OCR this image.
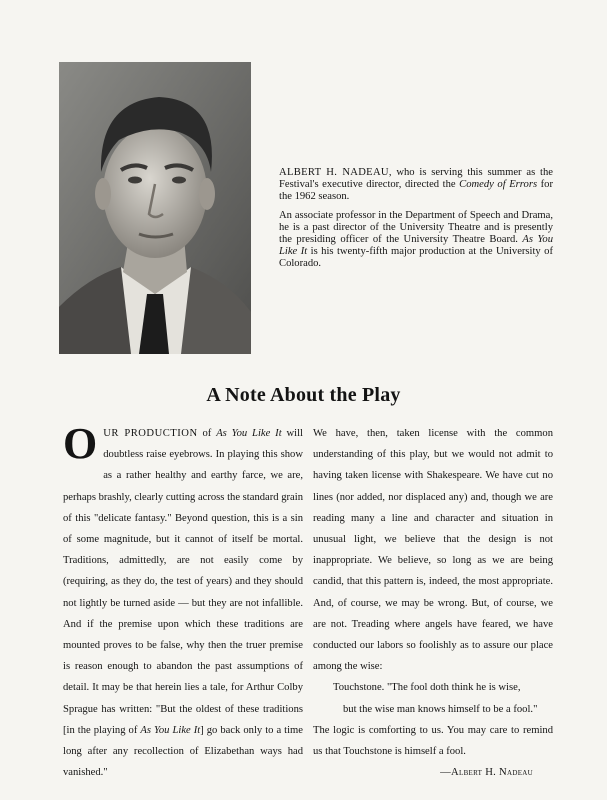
ALBERT H. NADEAU, who is serving this summer as the Festival's executive director, directed the Comedy of Errors for the 1962 season.

An associate professor in the Department of Speech and Drama, he is a past director of the University Theatre and is presently the presiding officer of the University Theatre Board. As You Like It is his twenty-fifth major production at the University of Colorado.

A Note About the Play

OUR PRODUCTION of As You Like It will doubtless raise eyebrows. In playing this show as a rather healthy and earthy farce, we are, perhaps brashly, clearly cutting across the standard grain of this "delicate fantasy." Beyond question, this is a sin of some magnitude, but it cannot of itself be mortal. Traditions, admittedly, are not easily come by (requiring, as they do, the test of years) and they should not lightly be turned aside — but they are not infallible. And if the premise upon which these traditions are mounted proves to be false, why then the truer premise is reason enough to abandon the past assumptions of detail. It may be that herein lies a tale, for Arthur Colby Sprague has written: "But the oldest of these traditions [in the playing of As You Like It] go back only to a time long after any recollection of Elizabethan ways had vanished."

We have, then, taken license with the common understanding of this play, but we would not admit to having taken license with Shakespeare. We have cut no lines (nor added, nor displaced any) and, though we are reading many a line and character and situation in unusual light, we believe that the design is not inappropriate. We believe, so long as we are being candid, that this pattern is, indeed, the most appropriate. And, of course, we may be wrong. But, of course, we are not. Treading where angels have feared, we have conducted our labors so foolishly as to assure our place among the wise:

Touchstone. "The fool doth think he is wise,

but the wise man knows himself to be a fool."

The logic is comforting to us. You may care to remind us that Touchstone is himself a fool.

—Albert H. Nadeau
